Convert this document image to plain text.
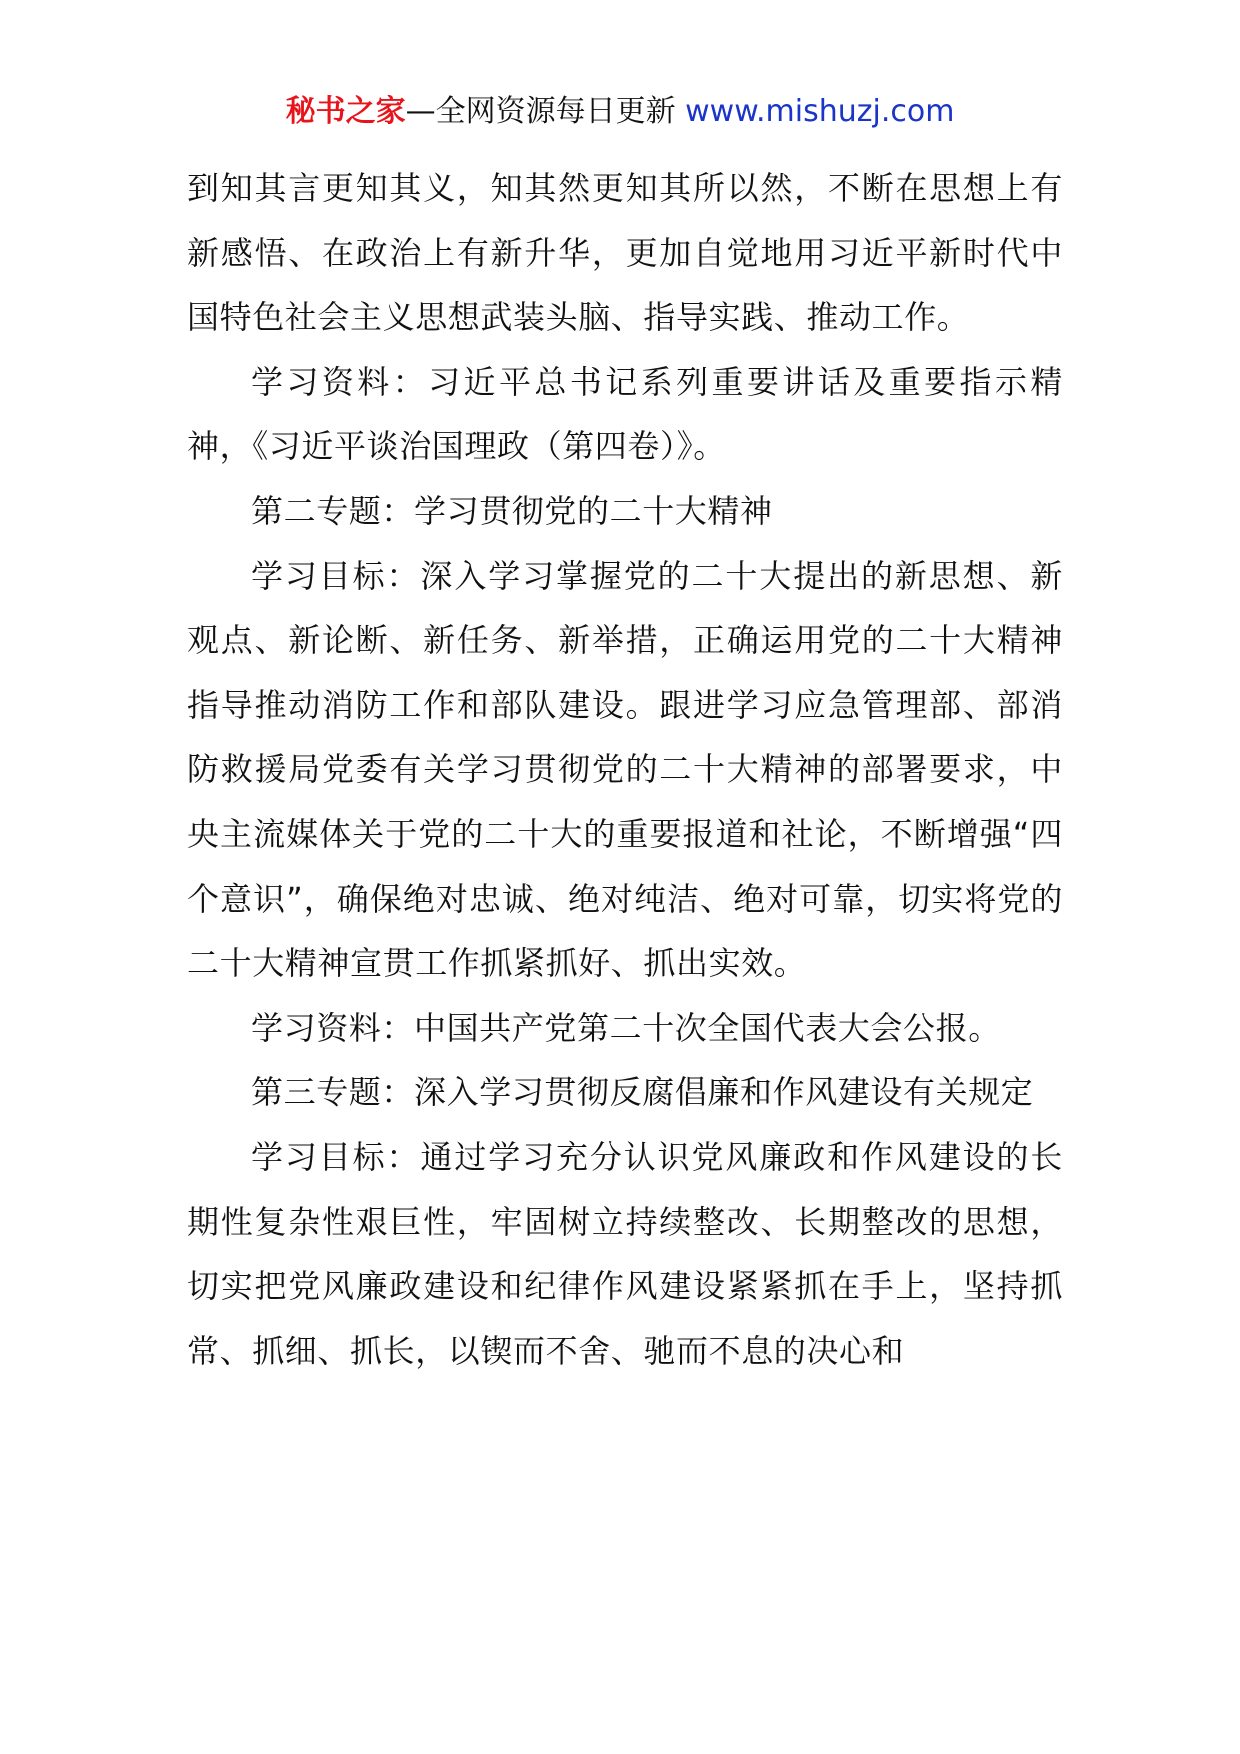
秘书之家—全网资源每日更新 www.mishuzj.com

到知其言更知其义，知其然更知其所以然，不断在思想上有新感悟、在政治上有新升华，更加自觉地用习近平新时代中国特色社会主义思想武装头脑、指导实践、推动工作。

学习资料：习近平总书记系列重要讲话及重要指示精神，《习近平谈治国理政（第四卷）》。

第二专题：学习贯彻党的二十大精神

学习目标：深入学习掌握党的二十大提出的新思想、新观点、新论断、新任务、新举措，正确运用党的二十大精神指导推动消防工作和部队建设。跟进学习应急管理部、部消防救援局党委有关学习贯彻党的二十大精神的部署要求，中央主流媒体关于党的二十大的重要报道和社论，不断增强“四个意识”，确保绝对忠诚、绝对纯洁、绝对可靠，切实将党的二十大精神宣贯工作抓紧抓好、抓出实效。

学习资料：中国共产党第二十次全国代表大会公报。

第三专题：深入学习贯彻反腐倡廉和作风建设有关规定

学习目标：通过学习充分认识党风廉政和作风建设的长期性复杂性艰巨性，牢固树立持续整改、长期整改的思想，切实把党风廉政建设和纪律作风建设紧紧抓在手上，坚持抓常、抓细、抓长，以锲而不舍、驰而不息的决心和
